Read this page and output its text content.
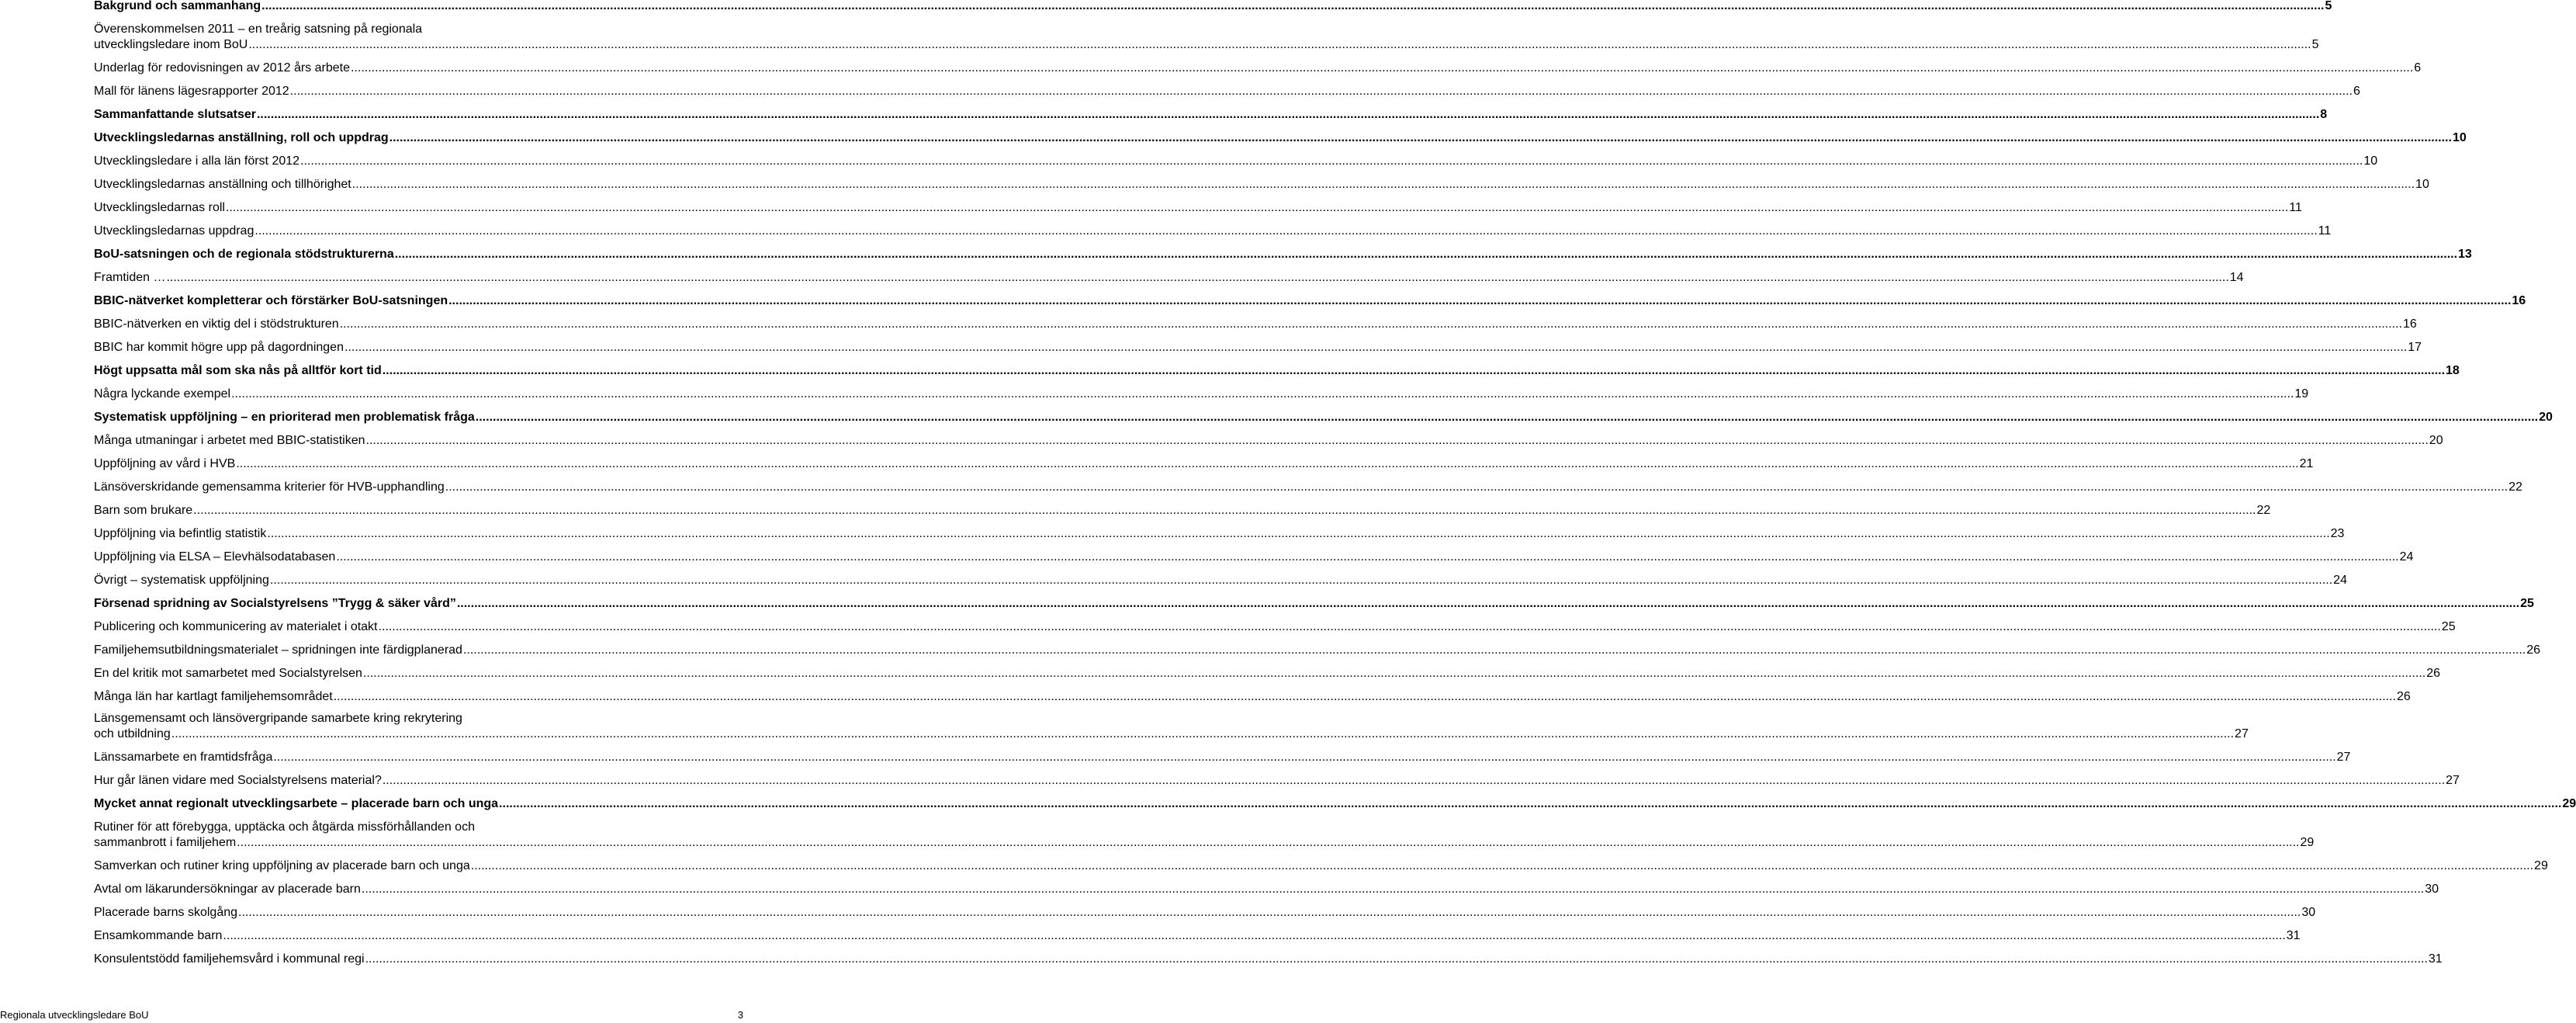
Bakgrund och sammanhang .....	5
Överenskommelsen 2011 – en treårig satsning på regionala
utvecklingsledare inom BoU .....	5
Underlag för redovisningen av 2012 års arbete .....	6
Mall för länens lägesrapporter 2012 .....	6
Sammanfattande slutsatser .....	8
Utvecklingsledarnas anställning, roll och uppdrag .....	10
Utvecklingsledare i alla län först 2012 .....	10
Utvecklingsledarnas anställning och tillhörighet .....	10
Utvecklingsledarnas roll .....	11
Utvecklingsledarnas uppdrag .....	11
BoU-satsningen och de regionala stödstrukturerna .....	13
Framtiden … .....	14
BBIC-nätverket kompletterar och förstärker BoU-satsningen .....	16
BBIC-nätverken en viktig del i stödstrukturen .....	16
BBIC har kommit högre upp på dagordningen .....	17
Högt uppsatta mål som ska nås på alltför kort tid .....	18
Några lyckande exempel .....	19
Systematisk uppföljning – en prioriterad men problematisk fråga .....	20
Många utmaningar i arbetet med BBIC-statistiken .....	20
Uppföljning av vård i HVB .....	21
Länsöverskridande gemensamma kriterier för HVB-upphandling .....	22
Barn som brukare .....	22
Uppföljning via befintlig statistik .....	23
Uppföljning via ELSA – Elevhälsodatabasen .....	24
Övrigt – systematisk uppföljning .....	24
Försenad spridning av Socialstyrelsens ”Trygg & säker vård” .....	25
Publicering och kommunicering av materialet i otakt .....	25
Familjehemsutbildningsmaterialet – spridningen inte färdigplanerad .....	26
En del kritik mot samarbetet med Socialstyrelsen .....	26
Många län har kartlagt familjehemsområdet .....	26
Länsgemensamt och länsövergripande samarbete kring rekrytering
och utbildning .....	27
Länssamarbete en framtidsfråga .....	27
Hur går länen vidare med Socialstyrelsens material? .....	27
Mycket annat regionalt utvecklingsarbete – placerade barn och unga .....	29
Rutiner för att förebygga, upptäcka och åtgärda missförhållanden och
sammanbrott i familjehem .....	29
Samverkan och rutiner kring uppföljning av placerade barn och unga .....	29
Avtal om läkarundersökningar av placerade barn .....	30
Placerade barns skolgång .....	30
Ensamkommande barn .....	31
Konsulentstödd familjehemsvård i kommunal regi .....	31
Regionala utvecklingsledare BoU	3
